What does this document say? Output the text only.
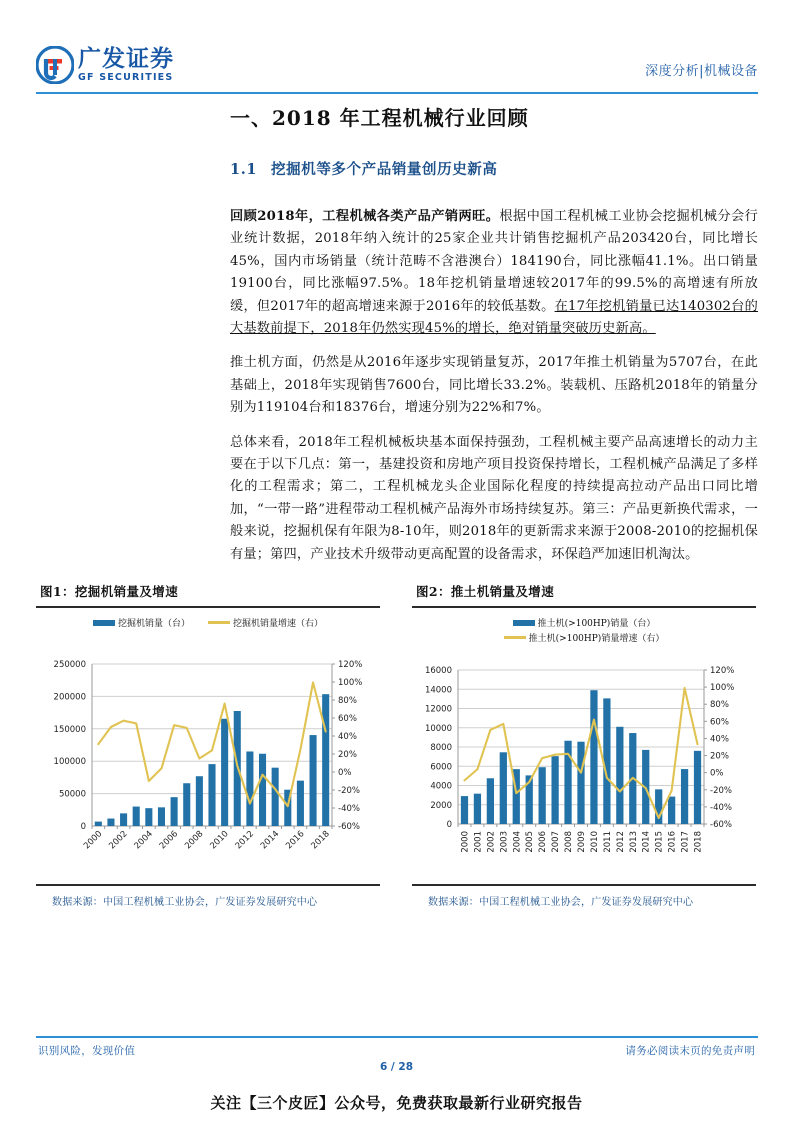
广发证券
GF SECURITIES	深度分析|机械设备
一、2018 年工程机械行业回顾
1.1 挖掘机等多个产品销量创历史新高

回顾2018年，工程机械各类产品产销两旺。根据中国工程机械工业协会挖掘机械分会行业统计数据，2018年纳入统计的25家企业共计销售挖掘机产品203420台，同比增长45%，国内市场销量（统计范畴不含港澳台）184190台，同比涨幅41.1%。出口销量19100台，同比涨幅97.5%。18年挖机销量增速较2017年的99.5%的高增速有所放缓，但2017年的超高增速来源于2016年的较低基数。在17年挖机销量已达140302台的大基数前提下，2018年仍然实现45%的增长，绝对销量突破历史新高。

推土机方面，仍然是从2016年逐步实现销量复苏，2017年推土机销量为5707台，在此基础上，2018年实现销售7600台，同比增长33.2%。装载机、压路机2018年的销量分别为119104台和18376台，增速分别为22%和7%。

总体来看，2018年工程机械板块基本面保持强劲，工程机械主要产品高速增长的动力主要在于以下几点：第一，基建投资和房地产项目投资保持增长，工程机械产品满足了多样化的工程需求；第二，工程机械龙头企业国际化程度的持续提高拉动产品出口同比增加，“一带一路”进程带动工程机械产品海外市场持续复苏。第三：产品更新换代需求，一般来说，挖掘机保有年限为8-10年，则2018年的更新需求来源于2008-2010的挖掘机保有量；第四，产业技术升级带动更高配置的设备需求，环保趋严加速旧机淘汰。

图1：挖掘机销量及增速
挖掘机销量（台）	挖掘机销量增速（右）
0
50000
100000
150000
200000
250000
-60%
-40%
-20%
0%
20%
40%
60%
80%
100%
120%
2000 2002 2004 2006 2008 2010 2012 2014 2016 2018
数据来源：中国工程机械工业协会，广发证券发展研究中心
图2：推土机销量及增速
推土机(>100HP)销量（台）
推土机(>100HP)销量增速（右）
0
2000
4000
6000
8000
10000
12000
14000
16000
-60%
-40%
-20%
0%
20%
40%
60%
80%
100%
120%
2000 2001 2002 2003 2004 2005 2006 2007 2008 2009 2010 2011 2012 2013 2014 2015 2016 2017 2018
数据来源：中国工程机械工业协会，广发证券发展研究中心
识别风险，发现价值	请务必阅读末页的免责声明
6 / 28
关注【三个皮匠】公众号，免费获取最新行业研究报告
